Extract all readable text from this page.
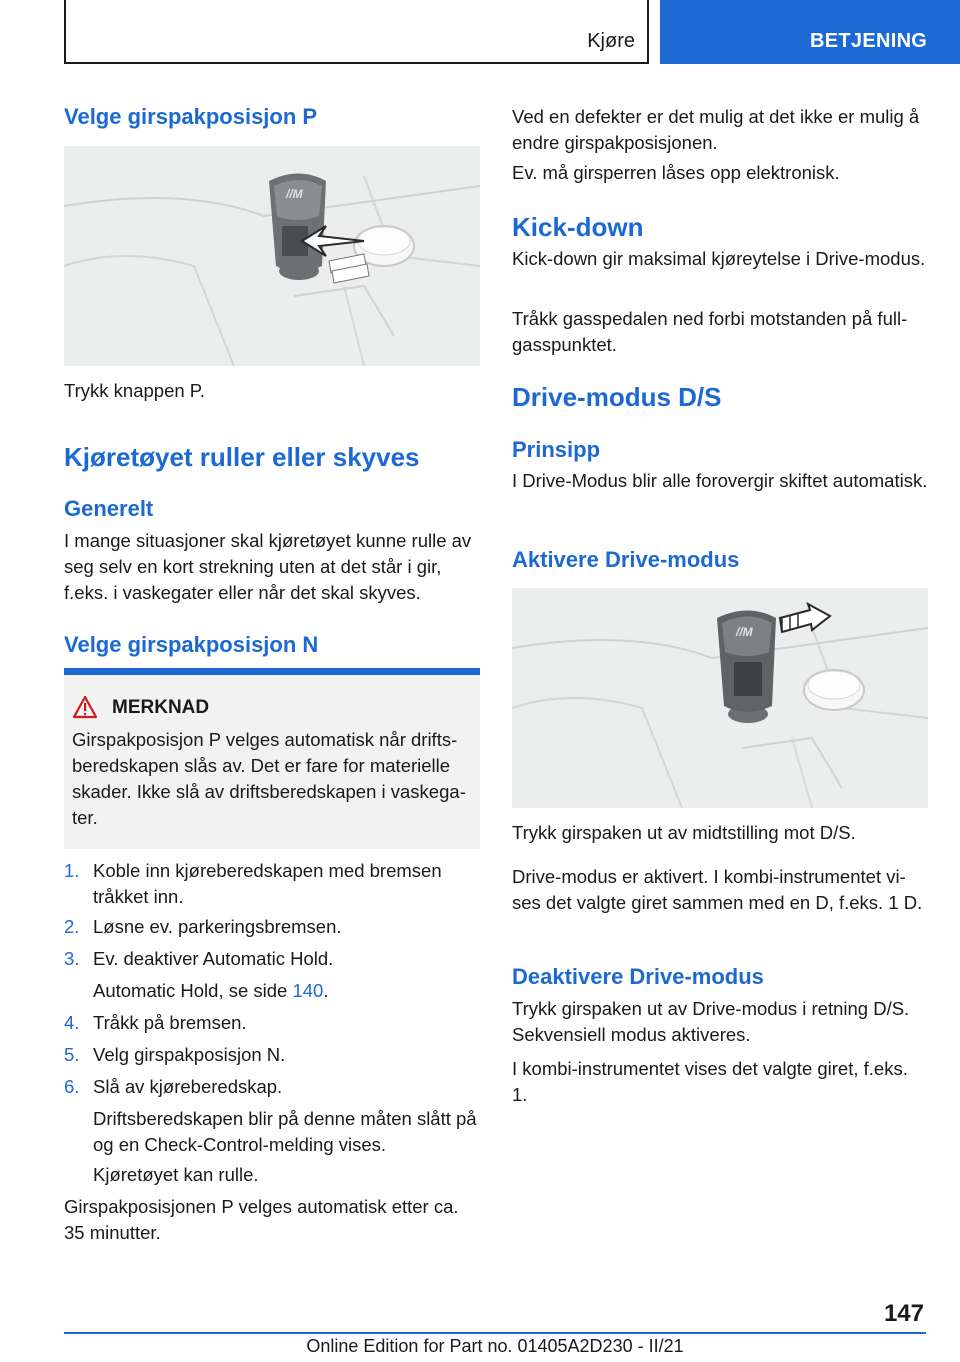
Kjøre	BETJENING
Velge girspakposisjon P
//M

Trykk knappen P.

Kjøretøyet ruller eller skyves
Generelt

I mange situasjoner skal kjøretøyet kunne rulle av seg selv en kort strekning uten at det står i gir, f.eks. i vaskegater eller når det skal skyves.

Velge girspakposisjon N
MERKNAD
Girspakposisjon P velges automatisk når driftsberedskapen slås av. Det er fare for materielle skader. Ikke slå av driftsberedskapen i vaskegater.
1. Koble inn kjøreberedskapen med bremsen tråkket inn.
2. Løsne ev. parkeringsbremsen.
3. Ev. deaktiver Automatic Hold.
Automatic Hold, se side 140.
4. Tråkk på bremsen.
5. Velg girspakposisjon N.
6. Slå av kjøreberedskap.
Driftsberedskapen blir på denne måten slått på og en Check-Control-melding vises.
Kjøretøyet kan rulle.

Girspakposisjonen P velges automatisk etter ca. 35 minutter.

Ved en defekter er det mulig at det ikke er mulig å endre girspakposisjonen.

Ev. må girsperren låses opp elektronisk.

Kick-down

Kick-down gir maksimal kjøreytelse i Drive-modus.

Tråkk gasspedalen ned forbi motstanden på fullgasspunktet.

Drive-modus D/S
Prinsipp

I Drive-Modus blir alle forovergir skiftet automatisk.

Aktivere Drive-modus
//M

Trykk girspaken ut av midtstilling mot D/S.

Drive-modus er aktivert. I kombi-instrumentet vises det valgte giret sammen med en D, f.eks. 1 D.

Deaktivere Drive-modus

Trykk girspaken ut av Drive-modus i retning D/S. Sekvensiell modus aktiveres.

I kombi-instrumentet vises det valgte giret, f.eks. 1.

147
Online Edition for Part no. 01405A2D230 - II/21
